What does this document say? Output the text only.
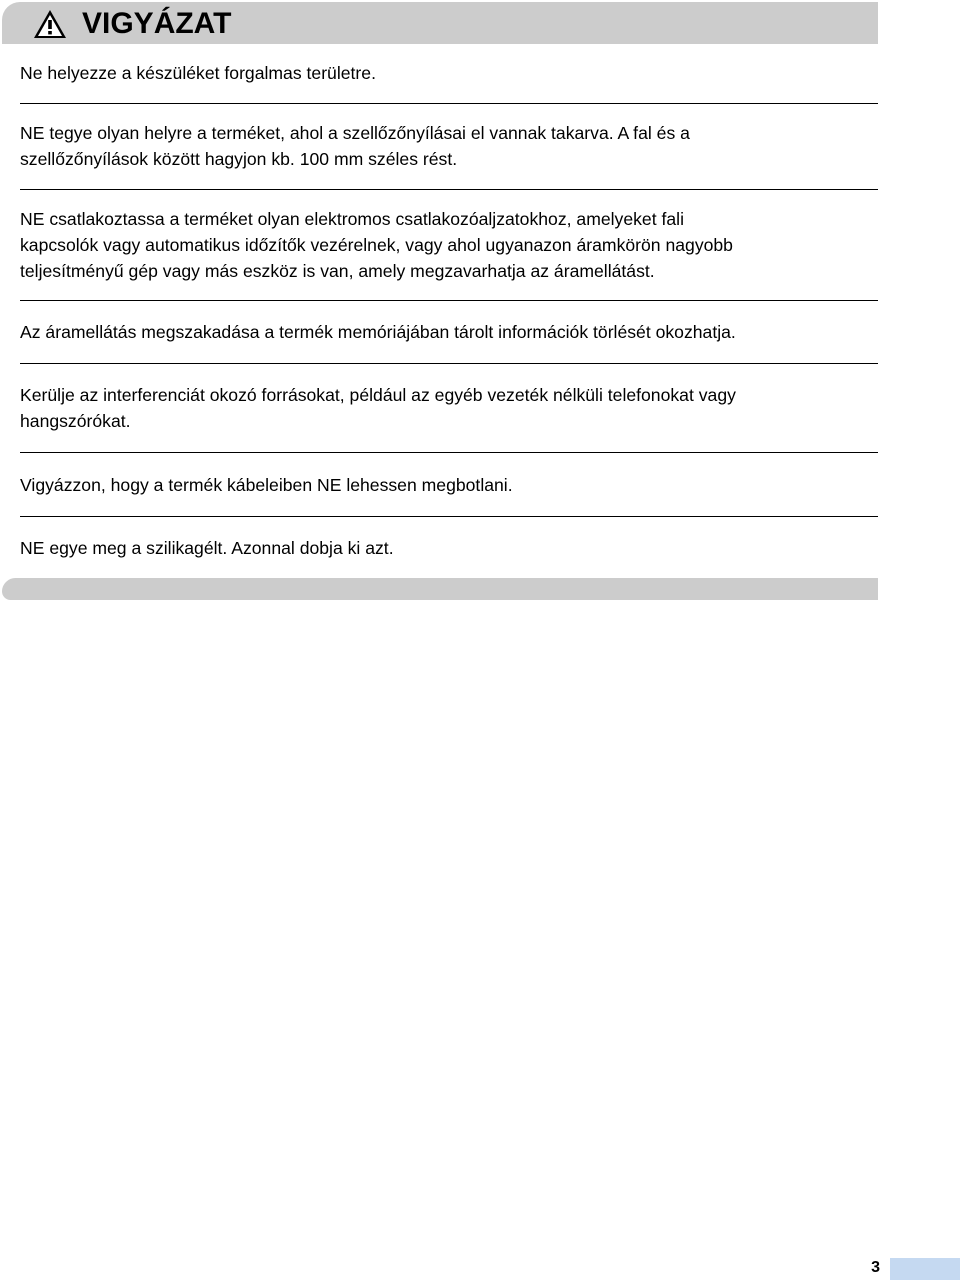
VIGYÁZAT

Ne helyezze a készüléket forgalmas területre.

NE tegye olyan helyre a terméket, ahol a szellőzőnyílásai el vannak takarva. A fal és a

szellőzőnyílások között hagyjon kb. 100 mm széles rést.

NE csatlakoztassa a terméket olyan elektromos csatlakozóaljzatokhoz, amelyeket fali

kapcsolók vagy automatikus időzítők vezérelnek, vagy ahol ugyanazon áramkörön nagyobb

teljesítményű gép vagy más eszköz is van, amely megzavarhatja az áramellátást.

Az áramellátás megszakadása a termék memóriájában tárolt információk törlését okozhatja.

Kerülje az interferenciát okozó forrásokat, például az egyéb vezeték nélküli telefonokat vagy

hangszórókat.

Vigyázzon, hogy a termék kábeleiben NE lehessen megbotlani.

NE egye meg a szilikagélt. Azonnal dobja ki azt.

3
